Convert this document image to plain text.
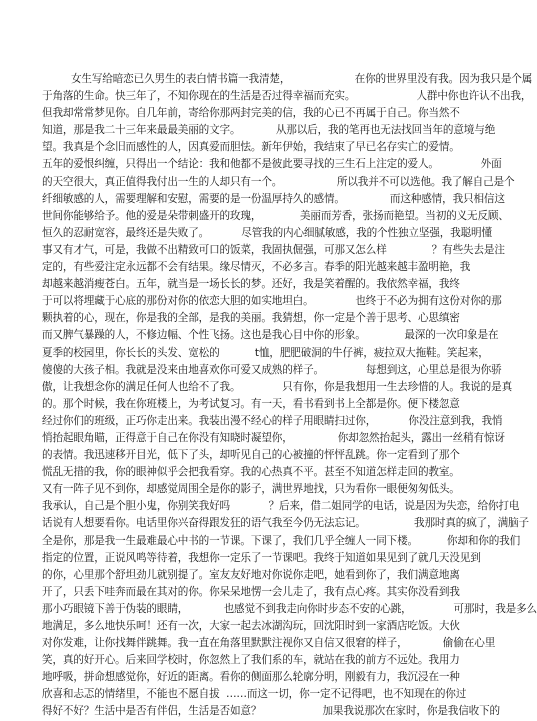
女生写给暗恋已久男生的表白情书篇一我清楚，                    在你的世界里没有我。因为我只是个属
于角落的生命。快三年了，不知你现在的生活是否过得幸福而充实。                   人群中你也许认不出我，
但我却常常梦见你。自几年前，寄给你那两封完美的信，我的心已不再属于自己。你当然不
知道，那是我二十三年来最最美丽的文字。           从那以后，我的笔再也无法找回当年的意境与绝
望。我真是个念旧而感性的人，因真爱而胆怯。新年伊始，我结束了早已名存实亡的爱情。
五年的爱恨纠缠，只得出一个结论：我和他都不是彼此要寻找的三生石上注定的爱人。             外面
的天空很大，真正值得我付出一生的人却只有一个。                 所以我并不可以选他。我了解自己是个
纤细敏感的人，需要理解和安慰，需要的是一份温厚持久的感情。              而这种感情，我只相信这
世间你能够给予。他的爱是朵带刺盛开的玫瑰，            美丽而芳香，张扬而艳望。当初的义无反顾、
恒久的忍耐宽容，最终还是失败了。          尽管我的内心细腻敏感，我的个性独立坚强，我聪明懂
事又有才气，可是，我做不出精致可口的饭菜，我固执倔强，可那又怎么样              ？有些失去是注
定的，有些爱注定永远都不会有结果。缘尽情灭，不必多言。春季的阳光越来越丰盈明艳，我
却越来越消瘦苍白。五年，就当是一场长长的梦。还好，我是笑着醒的。我依然幸福，我终
于可以将埋藏于心底的那份对你的依恋大胆的如实地坦白。             也终于不必为拥有这份对你的那
颗执着的心，现在，你是我的全部，是我的美丽。我猜想，你一定是个善于思考、心思缜密
而又脾气暴躁的人，不修边幅、个性飞扬。这也是我心目中你的形象。            最深的一次印象是在
夏季的校园里，你长长的头发、宽松的           t恤，肥肥破洞的牛仔裤，疲拉双大拖鞋。笑起来，
傻傻的大孩子相。我就是没来由地喜欢你可爱又成熟的样子。             每想到这，心里总是很为你骄
傲，让我想念你的满足任何人也给不了我。             只有你，你是我想用一生去珍惜的人。我说的是真
的。那个时候，我在你班楼上，为考试复习。有一天，看书看到书上全都是你。便下楼忽意
经过你们的班级，正巧你走出来。我装出漫不经心的样子用眼睛扫过你，          你没注意到我，我悄
悄抬起眼角瞄，正得意于自己在你没有知晓时凝望你，              你却忽然抬起头，露出一丝稍有惊讶
的表情。我迅速移开目光，低下了头，却听见自己的心被撞的怦怦乱跳。你一定看到了那个
慌乱无措的我，你的眼神似乎会把我看穿。我的心热真不平。甚至不知道怎样走回的教室。
又有一阵子见不到你，却感觉周围全是你的影子，满世界地找，只为看你一眼便匆匆低头。
我承认，自己是个胆小鬼，你别笑我好吗            ？后来，借二姐同学的电话，说是因为失恋，给你打电
话说有人想要看你。电话里你兴奋得跟发狂的语气我至今仍无法忘记。               我那时真的疯了，满脑子
全是你，那是我一生最难最心中书的一节课。下课了，我们几乎全缠人一同下楼。         你却和你的我们
指定的位置，正说风鸣等待着，我想你一定乐了一节课吧。我终于知道如果见到了就几天没见到
的你，心里那个舒坦劲儿就别提了。室友友好地对你说你走吧，她看到你了，我们满意地离
开了，只丢下哇奔而最在其对的你。你呆呆地愣一会儿走了，我有点心疼。其实你没看到我
那小巧眼镜下善于伪装的眼睛，           也感觉不到我走向你时步态不安的心跳，             可那时，我是多么
地满足，多么地快乐呵！还有一次，大家一起去冰湖沟玩，回沈阳时到一家酒店吃饭。大伙
对你发难，让你找舞伴跳舞。我一直在角落里默默注视你又自信又很窘的样子，           偷偷在心里
笑，真的好开心。后来回学校时，你忽然上了我们系的车，就站在我的前方不远处。我用力
地呼吸，拼命想感觉你，好近的距离。看你的侧面那么轮廓分明，刚毅有力，我沉浸在一种
欣喜和忐忑的情绪里，不能也不愿自拔  ……而这一切，你一定不记得吧，也不知现在的你过
得好不好？生活中是否有伴侣，生活是否如意？                   加果我说那次在家时，你是我信收下的
